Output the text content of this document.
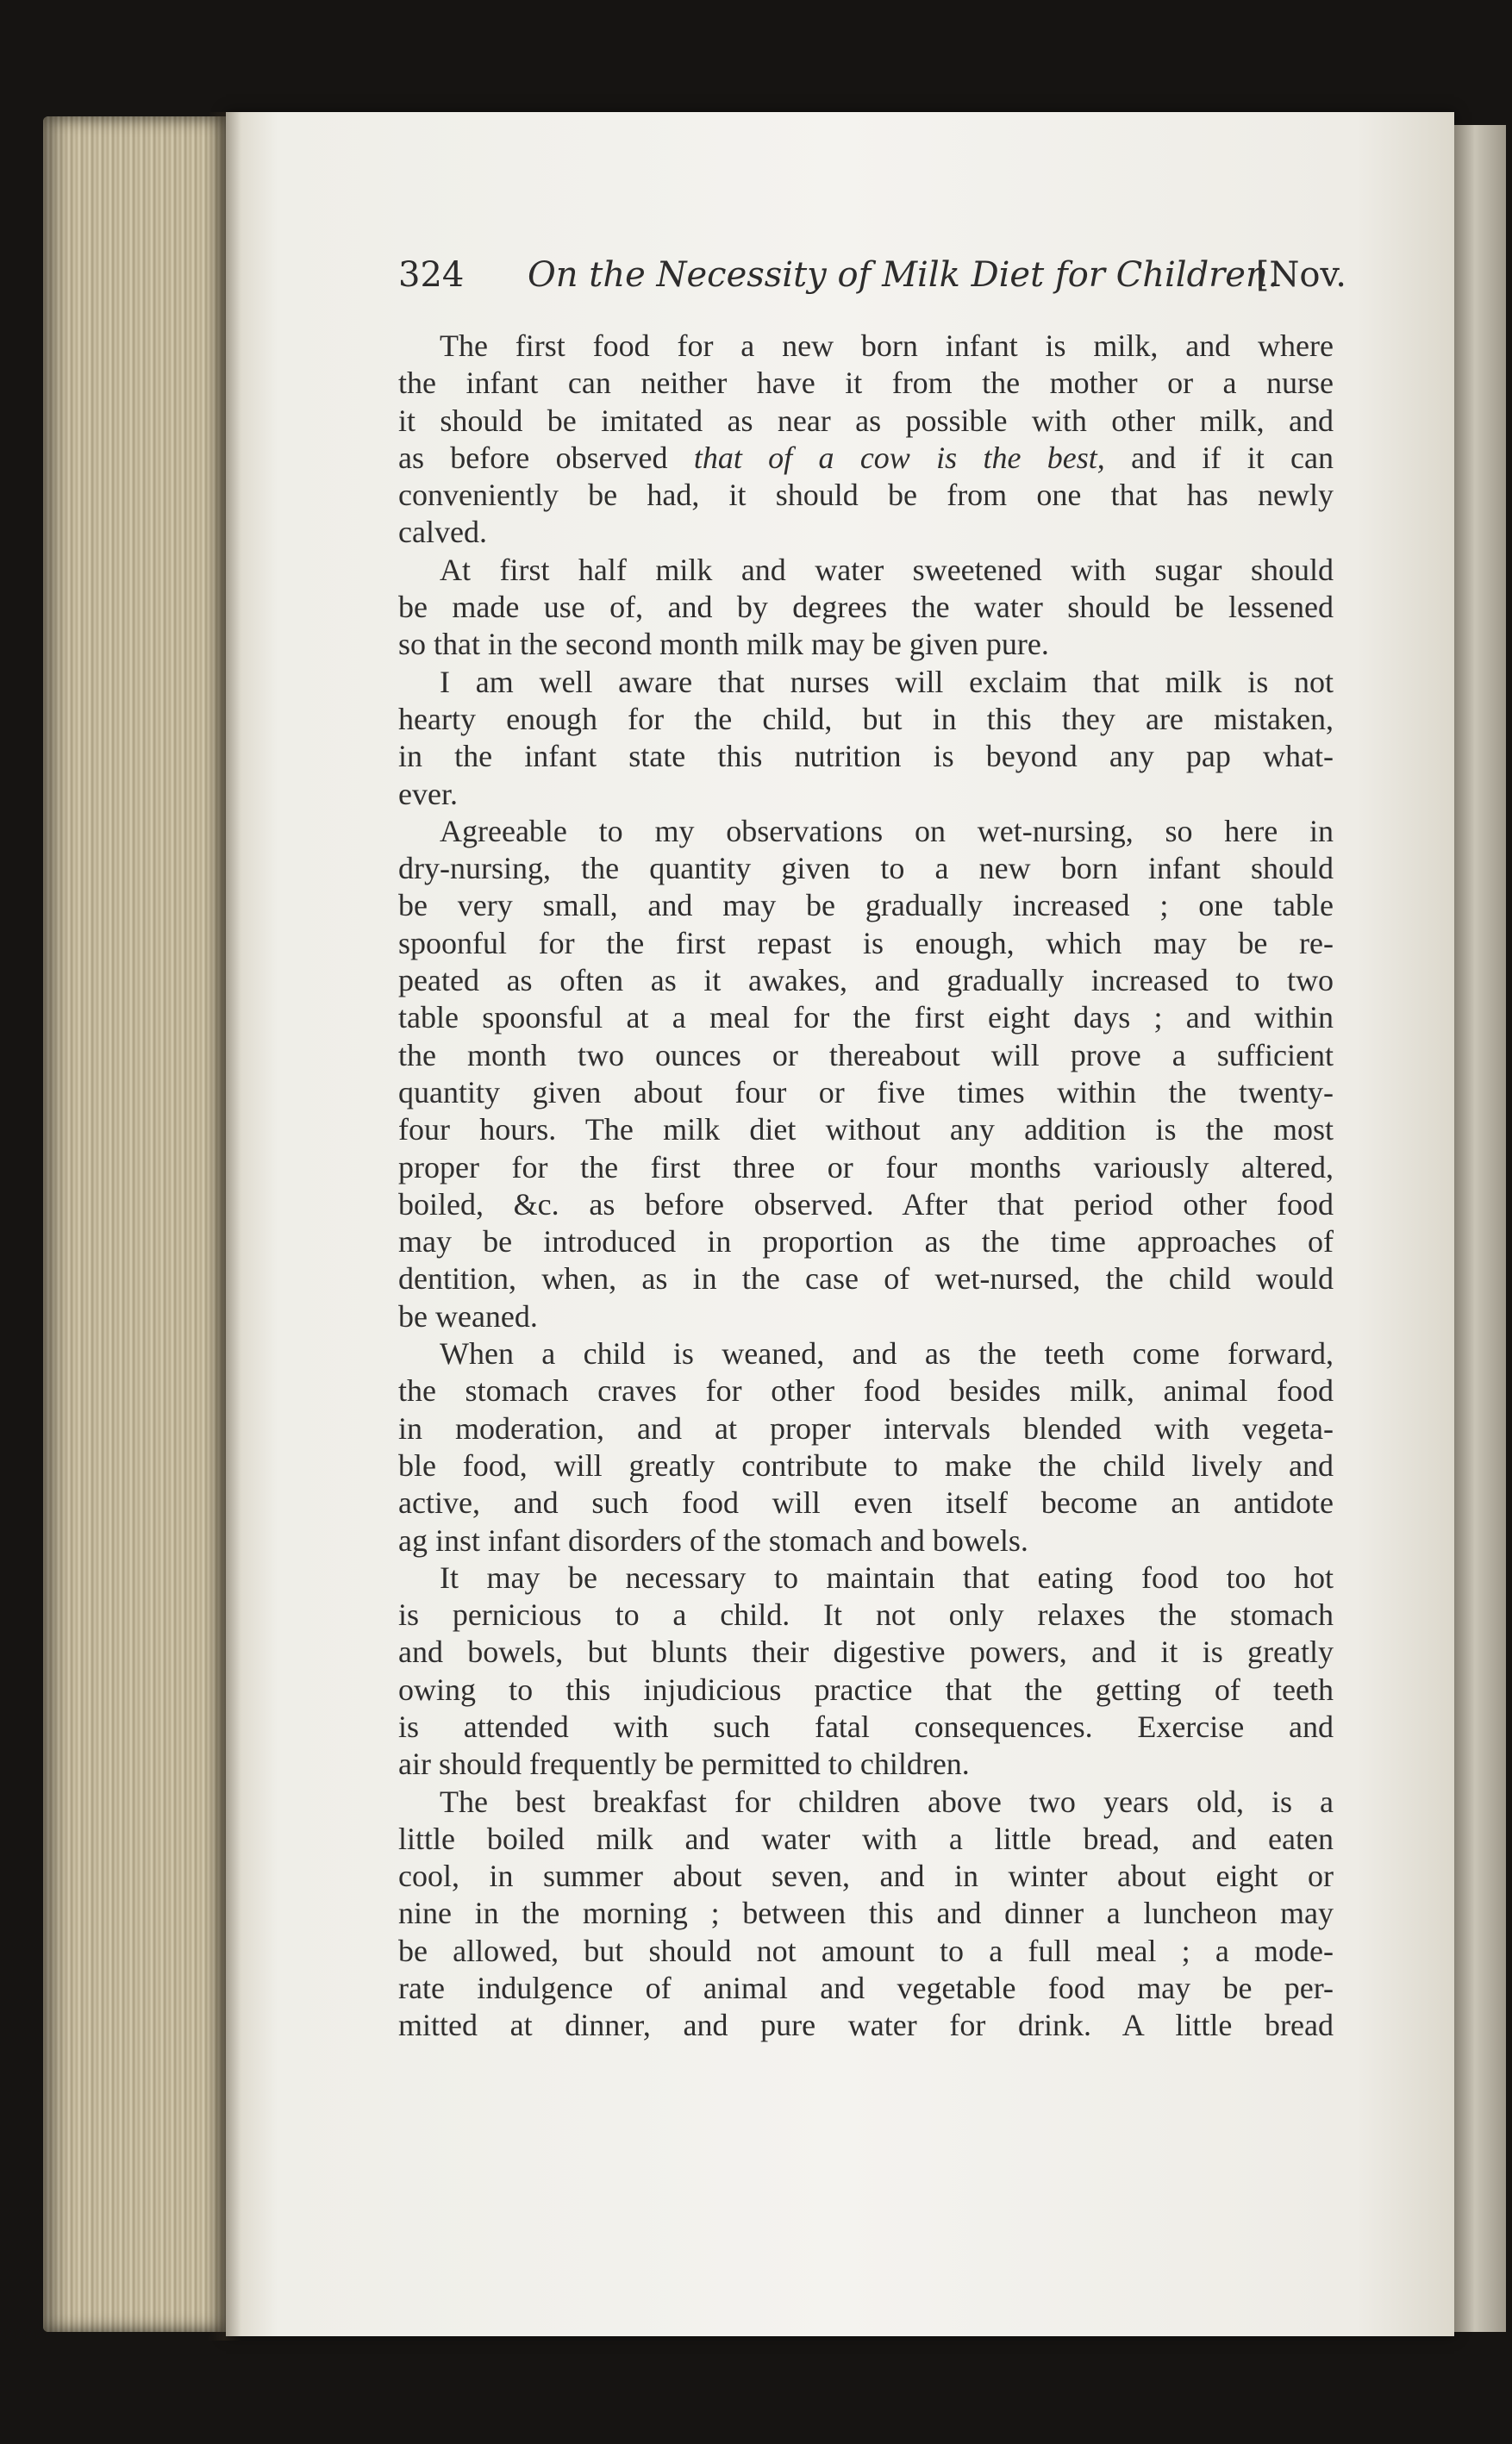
324 On the Necessity of Milk Diet for Children.
[Nov.
The first food for a new born infant is milk, and where
the infant can neither have it from the mother or a nurse
it should be imitated as near as possible with other milk, and
as before observed that of a cow is the best, and if it can
conveniently be had, it should be from one that has newly
calved.
At first half milk and water sweetened with sugar should
be made use of, and by degrees the water should be lessened
so that in the second month milk may be given pure.
I am well aware that nurses will exclaim that milk is not
hearty enough for the child, but in this they are mistaken,
in the infant state this nutrition is beyond any pap what-
ever.
Agreeable to my observations on wet-nursing, so here in
dry-nursing, the quantity given to a new born infant should
be very small, and may be gradually increased ; one table
spoonful for the first repast is enough, which may be re-
peated as often as it awakes, and gradually increased to two
table spoonsful at a meal for the first eight days ; and within
the month two ounces or thereabout will prove a sufficient
quantity given about four or five times within the twenty-
four hours. The milk diet without any addition is the most
proper for the first three or four months variously altered,
boiled, &c. as before observed. After that period other food
may be introduced in proportion as the time approaches of
dentition, when, as in the case of wet-nursed, the child would
be weaned.
When a child is weaned, and as the teeth come forward,
the stomach craves for other food besides milk, animal food
in moderation, and at proper intervals blended with vegeta-
ble food, will greatly contribute to make the child lively and
active, and such food will even itself become an antidote
ag inst infant disorders of the stomach and bowels.
It may be necessary to maintain that eating food too hot
is pernicious to a child. It not only relaxes the stomach
and bowels, but blunts their digestive powers, and it is greatly
owing to this injudicious practice that the getting of teeth
is attended with such fatal consequences. Exercise and
air should frequently be permitted to children.
The best breakfast for children above two years old, is a
little boiled milk and water with a little bread, and eaten
cool, in summer about seven, and in winter about eight or
nine in the morning ; between this and dinner a luncheon may
be allowed, but should not amount to a full meal ; a mode-
rate indulgence of animal and vegetable food may be per-
mitted at dinner, and pure water for drink. A little bread
